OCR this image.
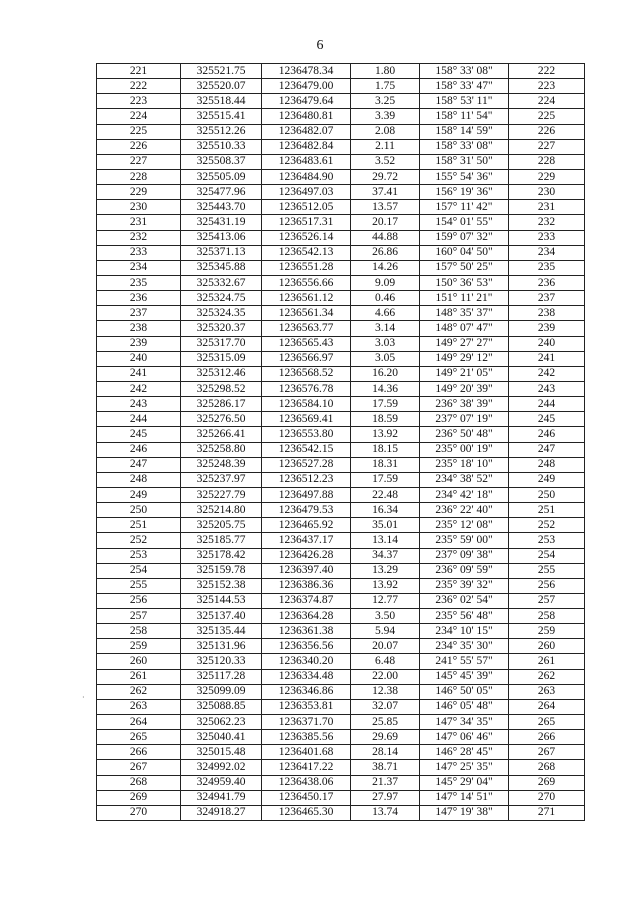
6
·
221	325521.75	1236478.34	1.80	158° 33' 08"	222
222	325520.07	1236479.00	1.75	158° 33' 47"	223
223	325518.44	1236479.64	3.25	158° 53' 11"	224
224	325515.41	1236480.81	3.39	158° 11' 54"	225
225	325512.26	1236482.07	2.08	158° 14' 59"	226
226	325510.33	1236482.84	2.11	158° 33' 08"	227
227	325508.37	1236483.61	3.52	158° 31' 50"	228
228	325505.09	1236484.90	29.72	155° 54' 36"	229
229	325477.96	1236497.03	37.41	156° 19' 36"	230
230	325443.70	1236512.05	13.57	157° 11' 42"	231
231	325431.19	1236517.31	20.17	154° 01' 55"	232
232	325413.06	1236526.14	44.88	159° 07' 32"	233
233	325371.13	1236542.13	26.86	160° 04' 50"	234
234	325345.88	1236551.28	14.26	157° 50' 25"	235
235	325332.67	1236556.66	9.09	150° 36' 53"	236
236	325324.75	1236561.12	0.46	151° 11' 21"	237
237	325324.35	1236561.34	4.66	148° 35' 37"	238
238	325320.37	1236563.77	3.14	148° 07' 47"	239
239	325317.70	1236565.43	3.03	149° 27' 27"	240
240	325315.09	1236566.97	3.05	149° 29' 12"	241
241	325312.46	1236568.52	16.20	149° 21' 05"	242
242	325298.52	1236576.78	14.36	149° 20' 39"	243
243	325286.17	1236584.10	17.59	236° 38' 39"	244
244	325276.50	1236569.41	18.59	237° 07' 19"	245
245	325266.41	1236553.80	13.92	236° 50' 48"	246
246	325258.80	1236542.15	18.15	235° 00' 19"	247
247	325248.39	1236527.28	18.31	235° 18' 10"	248
248	325237.97	1236512.23	17.59	234° 38' 52"	249
249	325227.79	1236497.88	22.48	234° 42' 18"	250
250	325214.80	1236479.53	16.34	236° 22' 40"	251
251	325205.75	1236465.92	35.01	235° 12' 08"	252
252	325185.77	1236437.17	13.14	235° 59' 00"	253
253	325178.42	1236426.28	34.37	237° 09' 38"	254
254	325159.78	1236397.40	13.29	236° 09' 59"	255
255	325152.38	1236386.36	13.92	235° 39' 32"	256
256	325144.53	1236374.87	12.77	236° 02' 54"	257
257	325137.40	1236364.28	3.50	235° 56' 48"	258
258	325135.44	1236361.38	5.94	234° 10' 15"	259
259	325131.96	1236356.56	20.07	234° 35' 30"	260
260	325120.33	1236340.20	6.48	241° 55' 57"	261
261	325117.28	1236334.48	22.00	145° 45' 39"	262
262	325099.09	1236346.86	12.38	146° 50' 05"	263
263	325088.85	1236353.81	32.07	146° 05' 48"	264
264	325062.23	1236371.70	25.85	147° 34' 35"	265
265	325040.41	1236385.56	29.69	147° 06' 46"	266
266	325015.48	1236401.68	28.14	146° 28' 45"	267
267	324992.02	1236417.22	38.71	147° 25' 35"	268
268	324959.40	1236438.06	21.37	145° 29' 04"	269
269	324941.79	1236450.17	27.97	147° 14' 51"	270
270	324918.27	1236465.30	13.74	147° 19' 38"	271
